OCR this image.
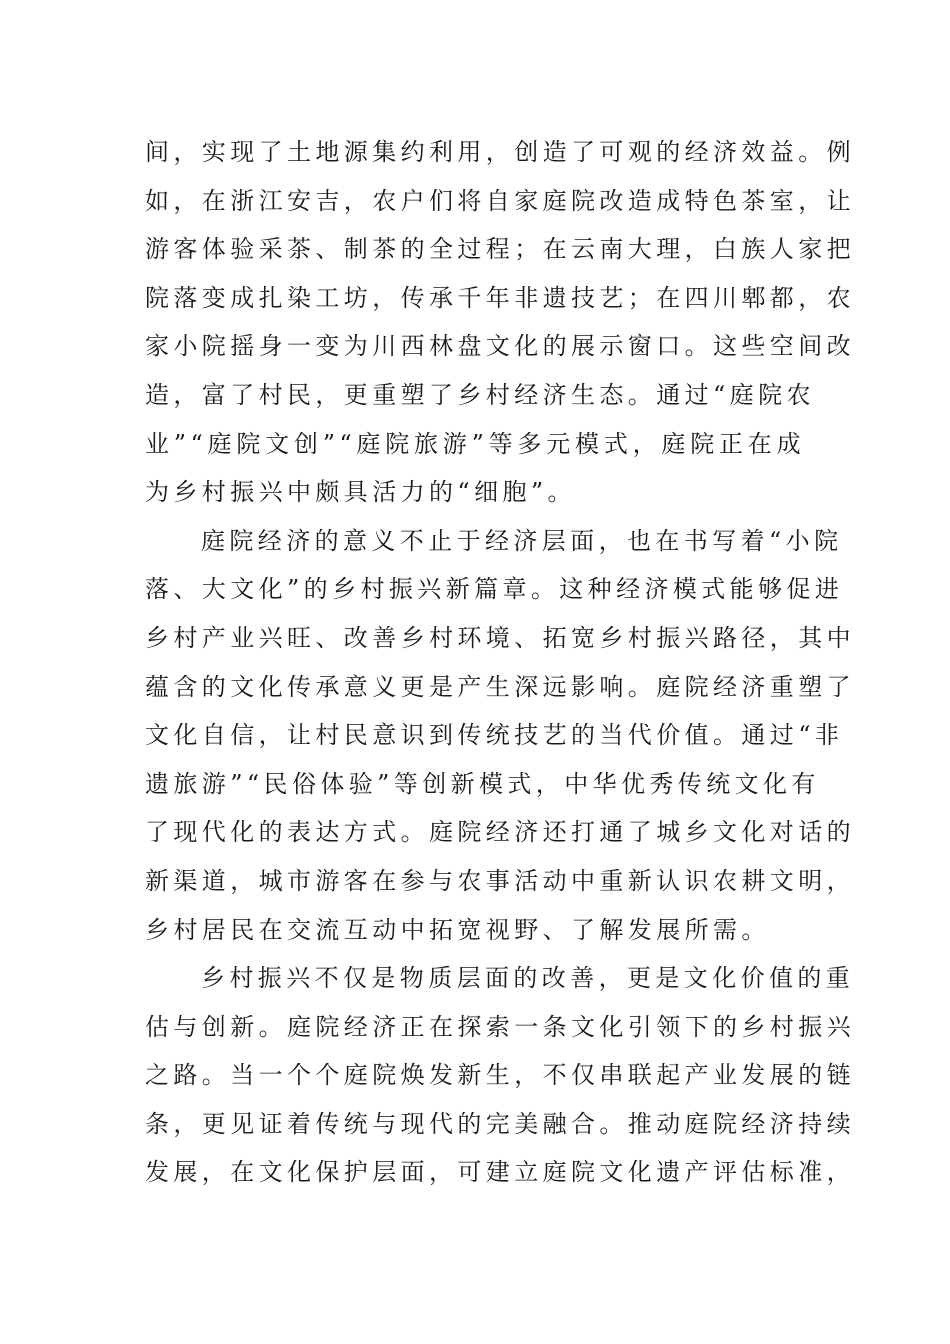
间，实现了土地源集约利用，创造了可观的经济效益。例
如，在浙江安吉，农户们将自家庭院改造成特色茶室，让
游客体验采茶、制茶的全过程；在云南大理，白族人家把
院落变成扎染工坊，传承千年非遗技艺；在四川郫都，农
家小院摇身一变为川西林盘文化的展示窗口。这些空间改
造，富了村民，更重塑了乡村经济生态。通过“庭院农
业”“庭院文创”“庭院旅游”等多元模式，庭院正在成
为乡村振兴中颇具活力的“细胞”。
庭院经济的意义不止于经济层面，也在书写着“小院
落、大文化”的乡村振兴新篇章。这种经济模式能够促进
乡村产业兴旺、改善乡村环境、拓宽乡村振兴路径，其中
蕴含的文化传承意义更是产生深远影响。庭院经济重塑了
文化自信，让村民意识到传统技艺的当代价值。通过“非
遗旅游”“民俗体验”等创新模式，中华优秀传统文化有
了现代化的表达方式。庭院经济还打通了城乡文化对话的
新渠道，城市游客在参与农事活动中重新认识农耕文明，
乡村居民在交流互动中拓宽视野、了解发展所需。
乡村振兴不仅是物质层面的改善，更是文化价值的重
估与创新。庭院经济正在探索一条文化引领下的乡村振兴
之路。当一个个庭院焕发新生，不仅串联起产业发展的链
条，更见证着传统与现代的完美融合。推动庭院经济持续
发展，在文化保护层面，可建立庭院文化遗产评估标准，
